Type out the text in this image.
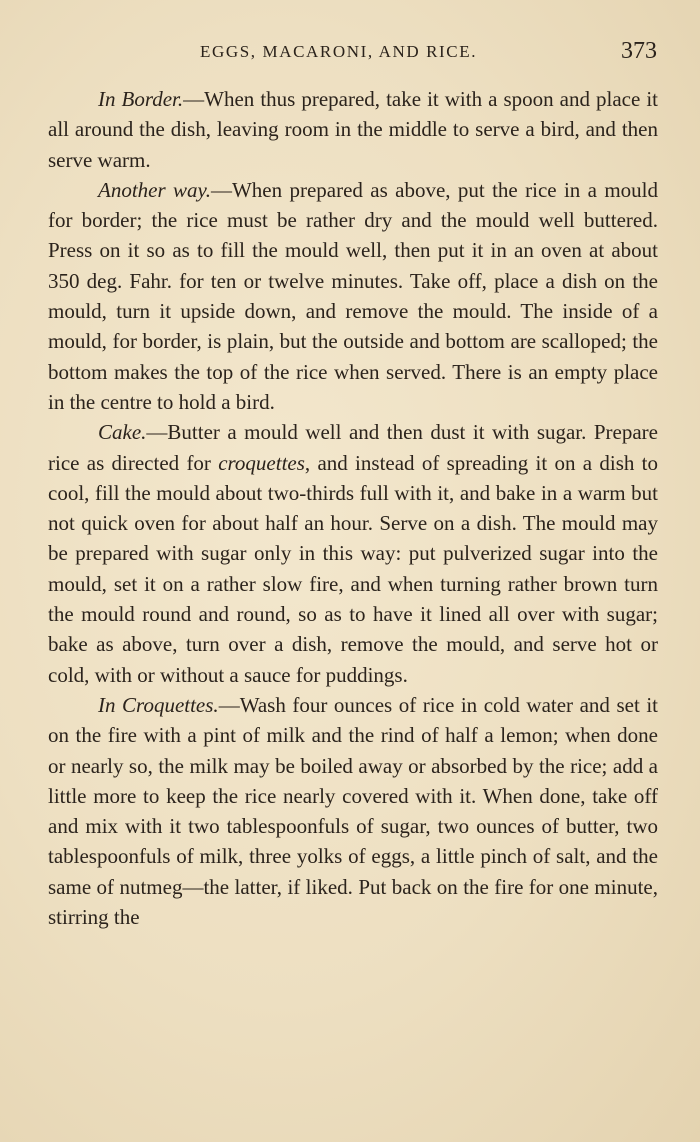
EGGS, MACARONI, AND RICE.	373

In Border.—When thus prepared, take it with a spoon and place it all around the dish, leaving room in the middle to serve a bird, and then serve warm.

Another way.—When prepared as above, put the rice in a mould for border; the rice must be rather dry and the mould well buttered. Press on it so as to fill the mould well, then put it in an oven at about 350 deg. Fahr. for ten or twelve minutes. Take off, place a dish on the mould, turn it upside down, and remove the mould. The inside of a mould, for border, is plain, but the outside and bottom are scalloped; the bottom makes the top of the rice when served. There is an empty place in the centre to hold a bird.

Cake.—Butter a mould well and then dust it with sugar. Prepare rice as directed for croquettes, and instead of spreading it on a dish to cool, fill the mould about two-thirds full with it, and bake in a warm but not quick oven for about half an hour. Serve on a dish. The mould may be prepared with sugar only in this way: put pulverized sugar into the mould, set it on a rather slow fire, and when turning rather brown turn the mould round and round, so as to have it lined all over with sugar; bake as above, turn over a dish, remove the mould, and serve hot or cold, with or without a sauce for puddings.

In Croquettes.—Wash four ounces of rice in cold water and set it on the fire with a pint of milk and the rind of half a lemon; when done or nearly so, the milk may be boiled away or absorbed by the rice; add a little more to keep the rice nearly covered with it. When done, take off and mix with it two tablespoonfuls of sugar, two ounces of butter, two tablespoonfuls of milk, three yolks of eggs, a little pinch of salt, and the same of nutmeg—the latter, if liked. Put back on the fire for one minute, stirring the
